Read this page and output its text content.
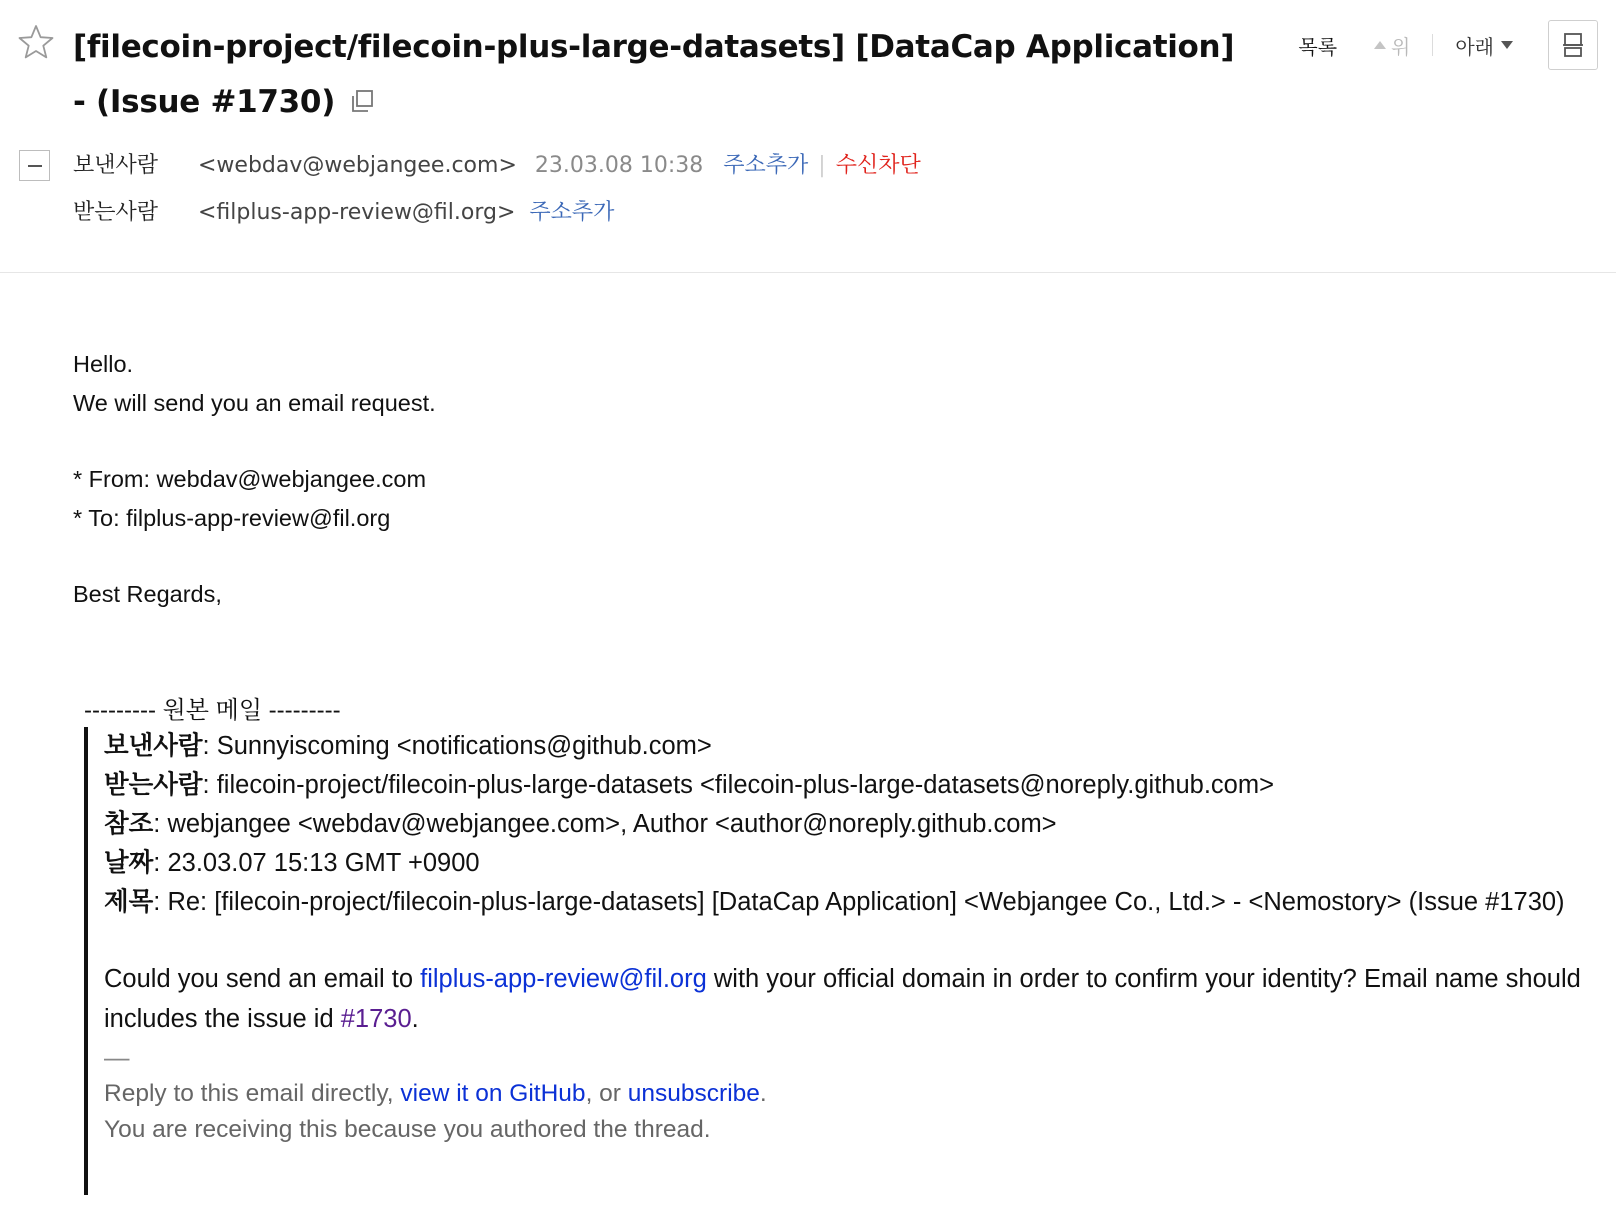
[filecoin-project/filecoin-plus-large-datasets] [DataCap Application] - (Issue #1730)
목록	위 아래
보낸사람	<webdav@webjangee.com> 23.03.08 10:38 주소추가 | 수신차단
받는사람	<filplus-app-review@fil.org> 주소추가

Hello.

We will send you an email request.

* From: webdav@webjangee.com

* To: filplus-app-review@fil.org

Best Regards,

--------- 원본 메일 ---------

보낸사람: Sunnyiscoming <notifications@github.com>

받는사람: filecoin-project/filecoin-plus-large-datasets <filecoin-plus-large-datasets@noreply.github.com>

참조: webjangee <webdav@webjangee.com>, Author <author@noreply.github.com>

날짜: 23.03.07 15:13 GMT +0900

제목: Re: [filecoin-project/filecoin-plus-large-datasets] [DataCap Application] <Webjangee Co., Ltd.> - <Nemostory> (Issue #1730)

Could you send an email to filplus-app-review@fil.org with your official domain in order to confirm your identity? Email name should includes the issue id #1730.

—

Reply to this email directly, view it on GitHub, or unsubscribe.

You are receiving this because you authored the thread.
